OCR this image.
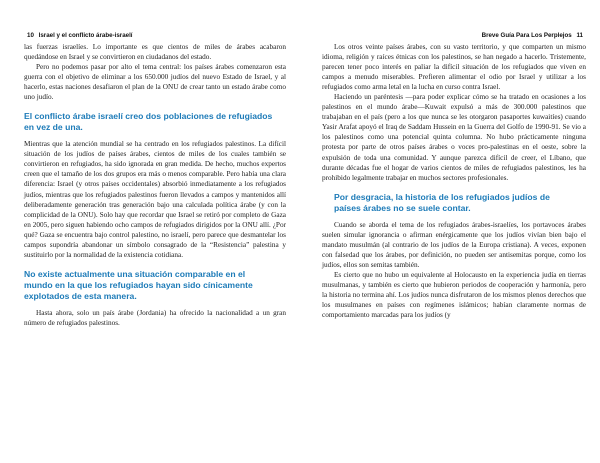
10 Israel y el conflicto árabe-israelí

las fuerzas israelíes. Lo importante es que cientos de miles de árabes acabaron quedándose en Israel y se convirtieron en ciudadanos del estado.

Pero no podemos pasar por alto el tema central: los países árabes comenzaron esta guerra con el objetivo de eliminar a los 650.000 judíos del nuevo Estado de Israel, y al hacerlo, estas naciones desafiaron el plan de la ONU de crear tanto un estado árabe como uno judío.

El conflicto árabe israelí creo dos poblaciones de refugiados en vez de una.

Mientras que la atención mundial se ha centrado en los refugiados palestinos. La difícil situación de los judíos de países árabes, cientos de miles de los cuales también se convirtieron en refugiados, ha sido ignorada en gran medida. De hecho, muchos expertos creen que el tamaño de los dos grupos era más o menos comparable. Pero había una clara diferencia: Israel (y otros países occidentales) absorbió inmediatamente a los refugiados judíos, mientras que los refugiados palestinos fueron llevados a campos y mantenidos allí deliberadamente generación tras generación bajo una calculada política árabe (y con la complicidad de la ONU). Solo hay que recordar que Israel se retiró por completo de Gaza en 2005, pero siguen habiendo ocho campos de refugiados dirigidos por la ONU allí. ¿Por qué? Gaza se encuentra bajo control palestino, no israelí, pero parece que desmantelar los campos supondría abandonar un símbolo consagrado de la “Resistencia” palestina y sustituirlo por la normalidad de la existencia cotidiana.

No existe actualmente una situación comparable en el mundo en la que los refugiados hayan sido cínicamente explotados de esta manera.

Hasta ahora, solo un país árabe (Jordania) ha ofrecido la nacionalidad a un gran número de refugiados palestinos.

Breve Guía Para Los Perplejos 11

Los otros veinte países árabes, con su vasto territorio, y que comparten un mismo idioma, religión y raíces étnicas con los palestinos, se han negado a hacerlo. Tristemente, parecen tener poco interés en paliar la difícil situación de los refugiados que viven en campos a menudo miserables. Prefieren alimentar el odio por Israel y utilizar a los refugiados como arma letal en la lucha en curso contra Israel.

Haciendo un paréntesis —para poder explicar cómo se ha tratado en ocasiones a los palestinos en el mundo árabe—Kuwait expulsó a más de 300.000 palestinos que trabajaban en el país (pero a los que nunca se les otorgaron pasaportes kuwaitíes) cuando Yasir Arafat apoyó el Iraq de Saddam Hussein en la Guerra del Golfo de 1990-91. Se vio a los palestinos como una potencial quinta columna. No hubo prácticamente ninguna protesta por parte de otros países árabes o voces pro-palestinas en el oeste, sobre la expulsión de toda una comunidad. Y aunque parezca difícil de creer, el Líbano, que durante décadas fue el hogar de varios cientos de miles de refugiados palestinos, les ha prohibido legalmente trabajar en muchos sectores profesionales.

Por desgracia, la historia de los refugiados judíos de países árabes no se suele contar.

Cuando se aborda el tema de los refugiados árabes-israelíes, los portavoces árabes suelen simular ignorancia o afirman enérgicamente que los judíos vivían bien bajo el mandato musulmán (al contrario de los judíos de la Europa cristiana). A veces, exponen con falsedad que los árabes, por definición, no pueden ser antisemitas porque, como los judíos, ellos son semitas también.

Es cierto que no hubo un equivalente al Holocausto en la experiencia judía en tierras musulmanas, y también es cierto que hubieron periodos de cooperación y harmonía, pero la historia no termina ahí. Los judíos nunca disfrutaron de los mismos plenos derechos que los musulmanes en países con regímenes islámicos; habían claramente normas de comportamiento marcadas para los judíos (y
